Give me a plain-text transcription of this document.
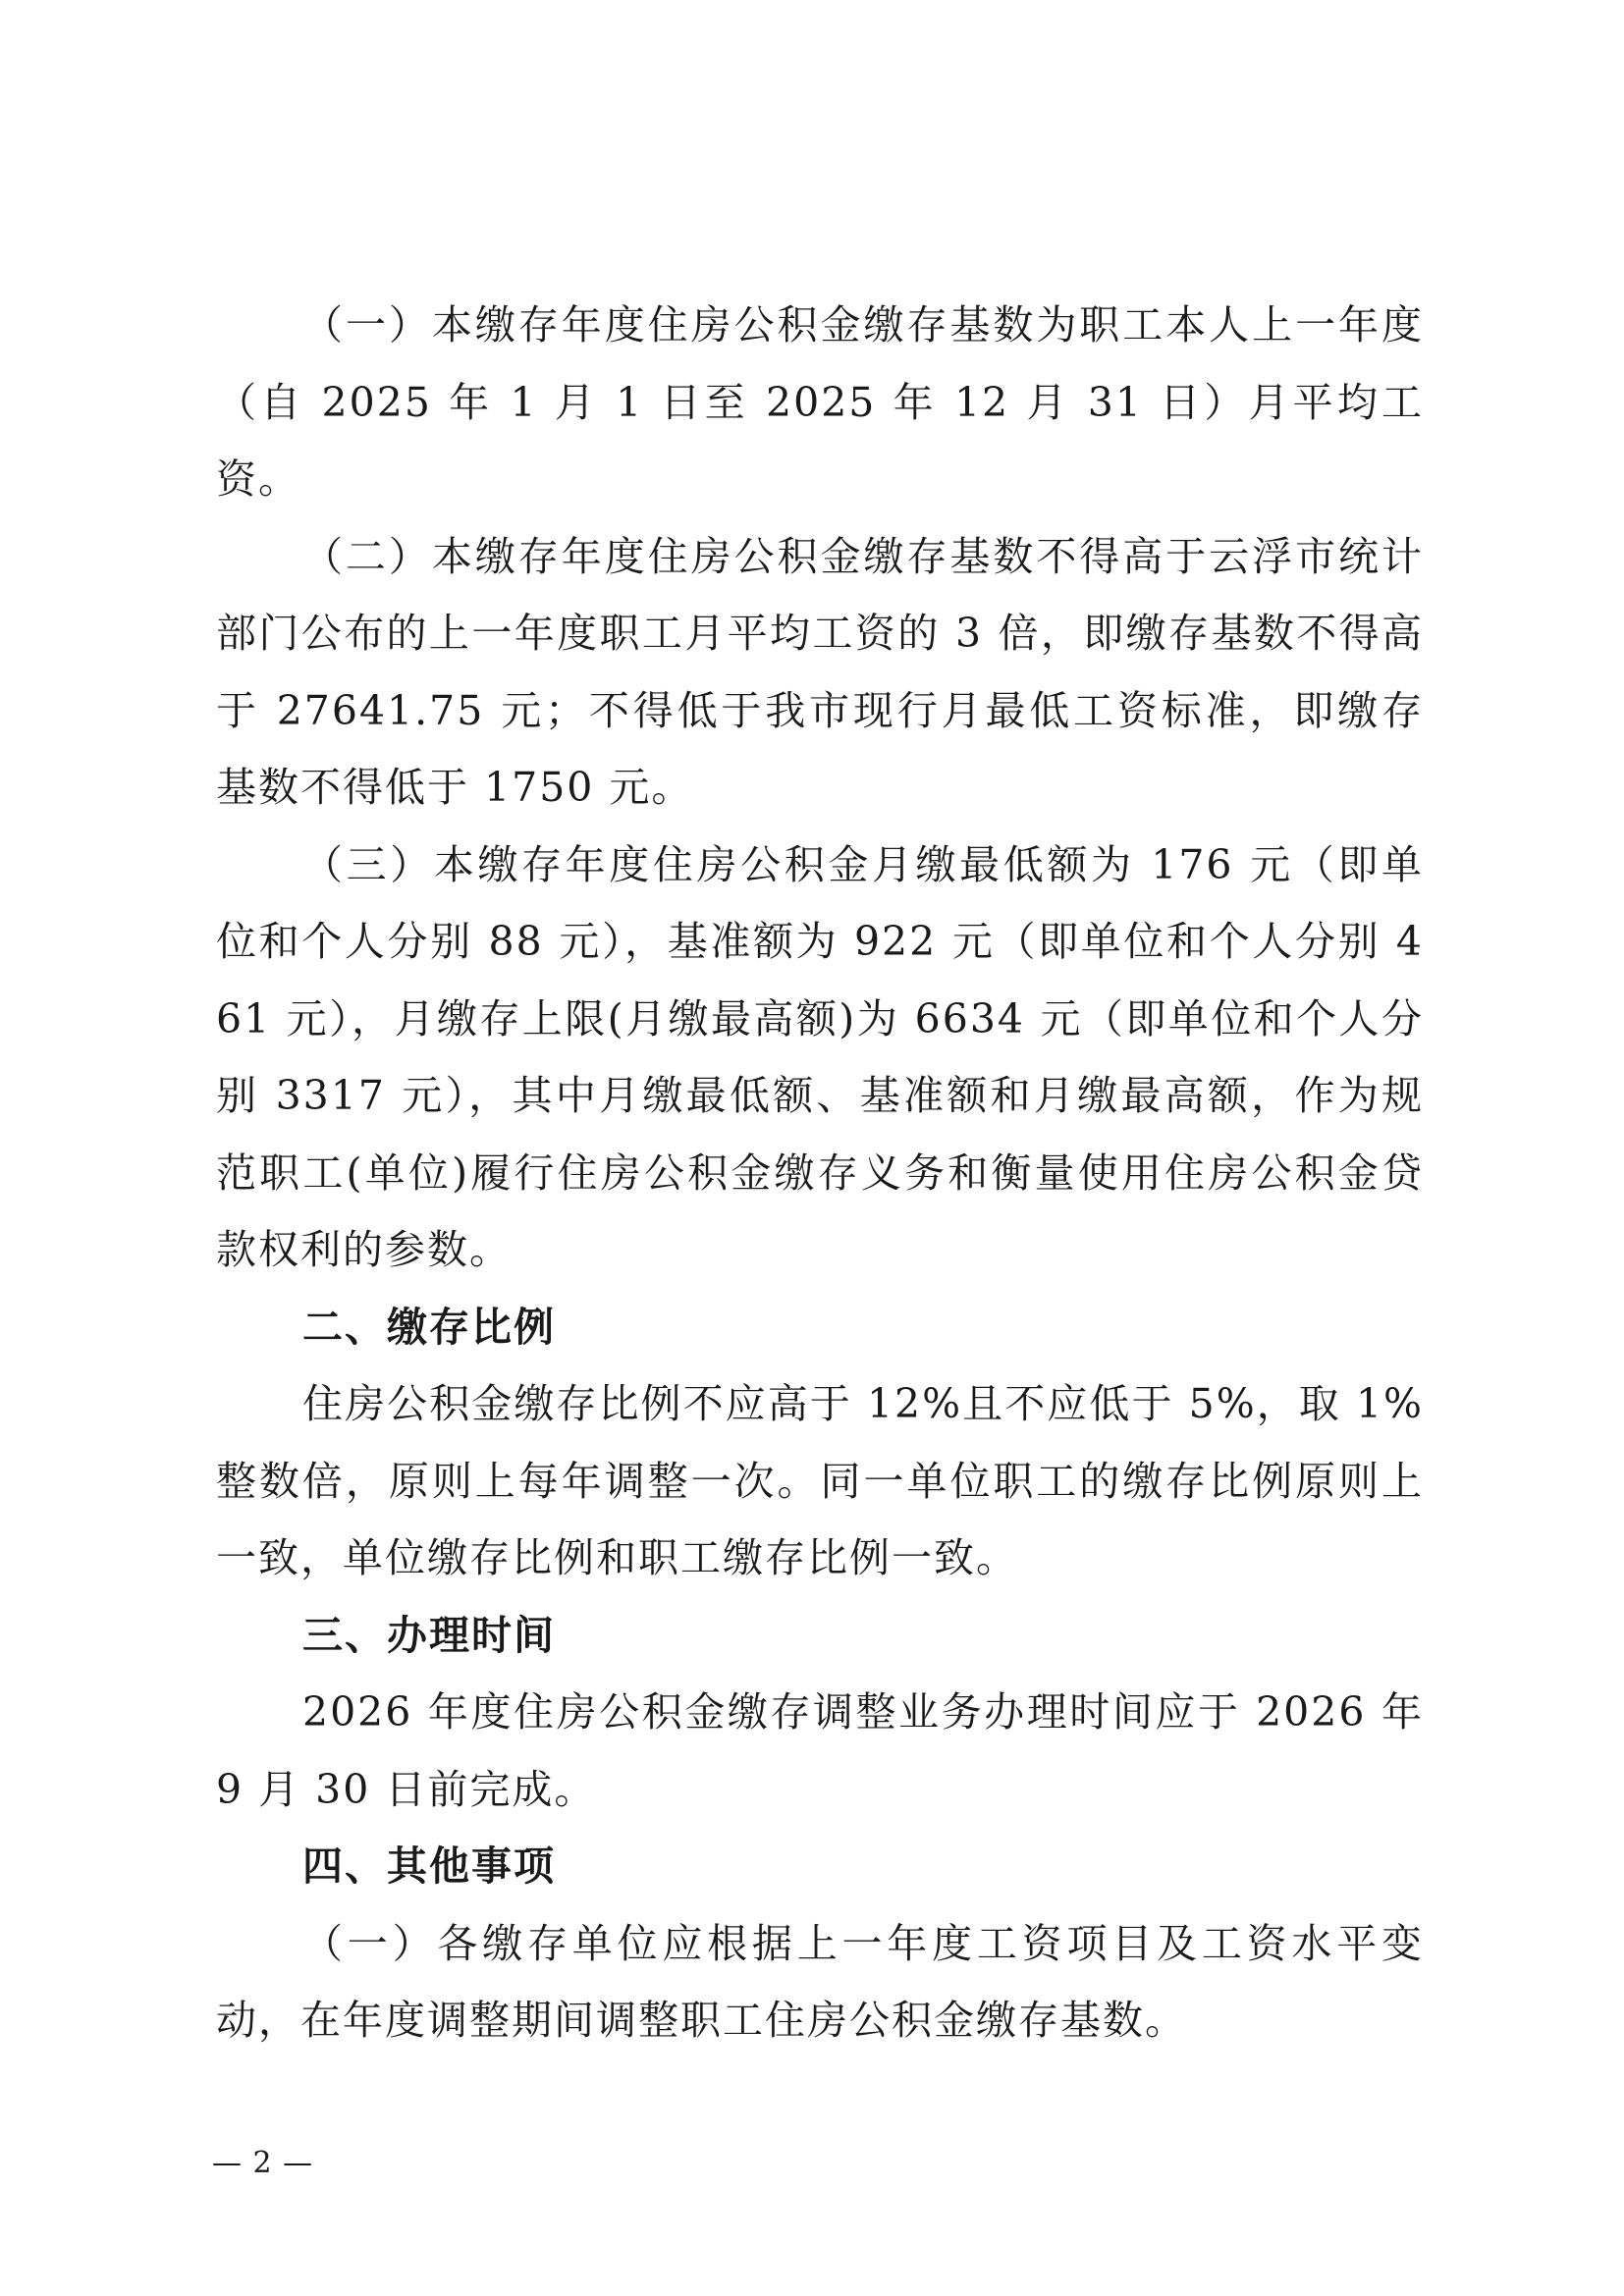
（一）本缴存年度住房公积金缴存基数为职工本人上一年度（自 2025 年 1 月 1 日至 2025 年 12 月 31 日）月平均工资。

（二）本缴存年度住房公积金缴存基数不得高于云浮市统计部门公布的上一年度职工月平均工资的 3 倍，即缴存基数不得高于 27641.75 元；不得低于我市现行月最低工资标准，即缴存基数不得低于 1750 元。

（三）本缴存年度住房公积金月缴最低额为 176 元（即单位和个人分别 88 元），基准额为 922 元（即单位和个人分别 461 元），月缴存上限(月缴最高额)为 6634 元（即单位和个人分别 3317 元），其中月缴最低额、基准额和月缴最高额，作为规范职工(单位)履行住房公积金缴存义务和衡量使用住房公积金贷款权利的参数。

二、缴存比例

住房公积金缴存比例不应高于 12%且不应低于 5%，取 1%整数倍，原则上每年调整一次。同一单位职工的缴存比例原则上一致，单位缴存比例和职工缴存比例一致。

三、办理时间

2026 年度住房公积金缴存调整业务办理时间应于 2026 年9 月 30 日前完成。

四、其他事项

（一）各缴存单位应根据上一年度工资项目及工资水平变动，在年度调整期间调整职工住房公积金缴存基数。

— 2 —
